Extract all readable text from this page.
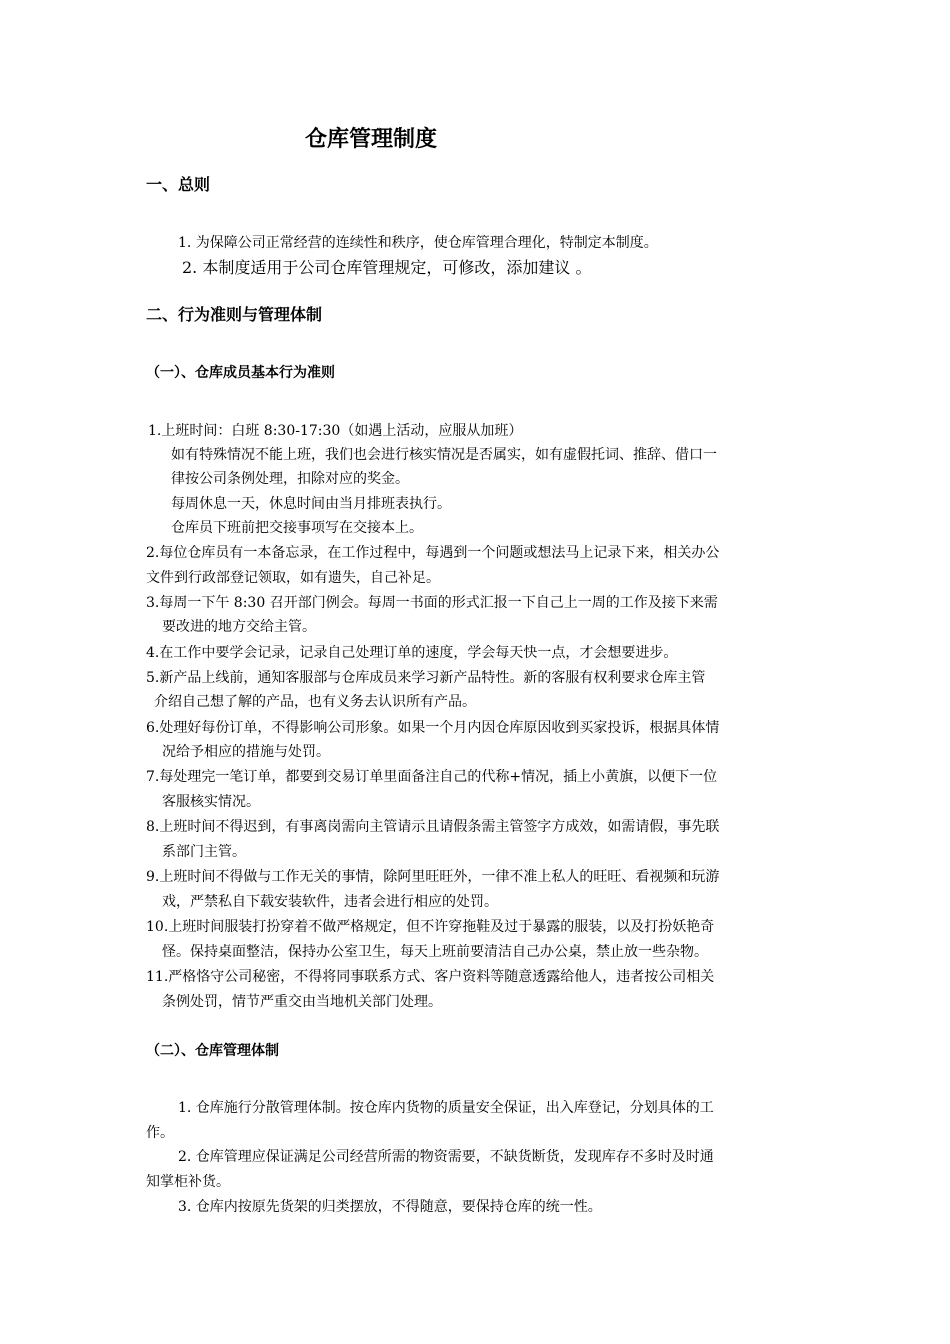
仓库管理制度
一、总则
1. 为保障公司正常经营的连续性和秩序，使仓库管理合理化，特制定本制度。
2. 本制度适用于公司仓库管理规定，可修改，添加建议 。
二、行为准则与管理体制
（一）、仓库成员基本行为准则
1.上班时间：白班 8:30-17:30（如遇上活动，应服从加班）
如有特殊情况不能上班，我们也会进行核实情况是否属实，如有虚假托词、推辞、借口一
律按公司条例处理，扣除对应的奖金。
每周休息一天，休息时间由当月排班表执行。
仓库员下班前把交接事项写在交接本上。
2.每位仓库员有一本备忘录，在工作过程中，每遇到一个问题或想法马上记录下来，相关办公
文件到行政部登记领取，如有遗失，自己补足。
3.每周一下午 8:30 召开部门例会。每周一书面的形式汇报一下自己上一周的工作及接下来需
要改进的地方交给主管。
4.在工作中要学会记录，记录自己处理订单的速度，学会每天快一点，才会想要进步。
5.新产品上线前，通知客服部与仓库成员来学习新产品特性。新的客服有权利要求仓库主管
介绍自己想了解的产品，也有义务去认识所有产品。
6.处理好每份订单，不得影响公司形象。如果一个月内因仓库原因收到买家投诉，根据具体情
况给予相应的措施与处罚。
7.每处理完一笔订单，都要到交易订单里面备注自己的代称+情况，插上小黄旗，以便下一位
客服核实情况。
8.上班时间不得迟到，有事离岗需向主管请示且请假条需主管签字方成效，如需请假，事先联
系部门主管。
9.上班时间不得做与工作无关的事情，除阿里旺旺外，一律不准上私人的旺旺、看视频和玩游
戏，严禁私自下载安装软件，违者会进行相应的处罚。
10.上班时间服装打扮穿着不做严格规定，但不许穿拖鞋及过于暴露的服装，以及打扮妖艳奇
怪。保持桌面整洁，保持办公室卫生，每天上班前要清洁自己办公桌，禁止放一些杂物。
11.严格恪守公司秘密，不得将同事联系方式、客户资料等随意透露给他人，违者按公司相关
条例处罚，情节严重交由当地机关部门处理。
（二）、仓库管理体制
1. 仓库施行分散管理体制。按仓库内货物的质量安全保证，出入库登记，分划具体的工
作。
2. 仓库管理应保证满足公司经营所需的物资需要，不缺货断货，发现库存不多时及时通
知掌柜补货。
3. 仓库内按原先货架的归类摆放，不得随意，要保持仓库的统一性。
